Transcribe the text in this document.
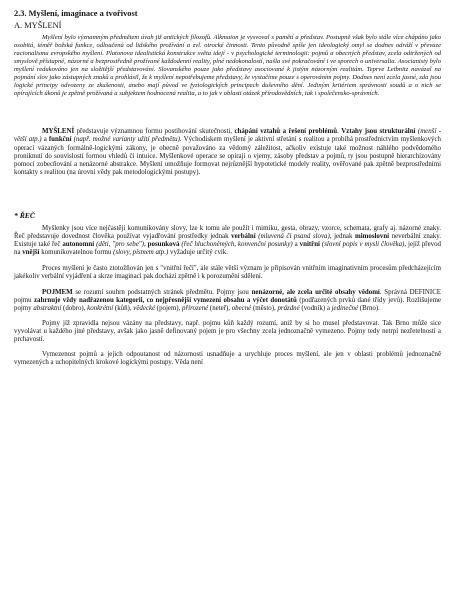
2.3. Myšlení, imaginace a tvořivost
A. MYŠLENÍ

Myšlení bylo významným předmětem úvah již antických filozofů. Alkmaion je vysvoval s pamětí a představ. Postupně však bylo stále více chápáno jako osobitá, téměř božská funkce, odloučená od lidského prožívání a zvl. otrocké činnosti. Tento původně spíše jen ideologický omyl se dodnes odráží v převaze racionalismu evropského myšlení. Platonova idealistická konstrukce světa idejí - v psychologické terminologii: pojmů a obecných představ, zcela odtržených od smyslově přístupné, názorné a bezprostředně prožívané každodenní reality, plné nedokonalostí, našla své pokračování i ve sporech o universalia. Asocianisty bylo myšlení redukováno jen na složitější představování. Slovanského pouze jako představy asociované k jistým názorným realitám. Teprve Leibnitz navázal na pojmání slov jako zástupných znaků a prohlásil, že k myšlení nepotřebujeme představy, že vystačíme pouze s operováním pojmy. Dodnes není zcela jasné, zda jsou logické principy odvozeny ze zkušenosti, anebo mají původ ve fyziologických principech duševního dění. Jediným kritériem správnosti soudů a o nich se opírajících úkonů je zpětně prožívaná a subjektem hodnocená realita, a to jak v oblasti otázek přírodovědních, tak i společensko-správních.

MYŠLENÍ představuje významnou formu postihování skutečnosti, chápání vztahů a řešení problémů. Vztahy jsou strukturální (menší - větší atp.) a funkční (např. možné varianty užití předmětu). Východiskem myšlení je aktivní střetání s realitou a probíhá prostřednictvím myšlenkových operací vázaných formálně-logickými zákony, je obecně považováno za vědomý záležitost, ačkoliv existuje také možnost náhlého podvědomého proniknutí do souvislostí formou vhledů či intuice. Myšlenkové operace se opírají o vjemy, zásoby představ a pojmů, ty jsou postupně hierarchizovány pomocí zobecňování a nenázorné abstrakce. Myšlení umožňuje formovat nejrůznější hypotetické modely reality, ověřované pak zpětně bezprostředními kontakty s realitou (na úrovni vědy pak metodologickými postupy).

* ŘEČ

Myšlenky jsou více nejčastěji komunikovány slovy, lze k tomu ale použít i mimiku, gesta, obrazy, vzorce, schemata, grafy aj. názorné znaky. Řeč představuje dovednost člověka používat vyjadřování prostředky jednak verbální (mluvená či psaná slova), jednak mimoslovní neverbální znaky. Existuje také řeč autonomní (děti, "pro sebe"), posunková (řeč hluchoněmých, konvenční posunky) a vnitřní (slovní popis v mysli člověka), jejíž převod na vnější komunikovatelnou formu (slovy, písmem atp.) vyžaduje určitý cvik.

Proces myšlení je často ztotožňován jen s "vnitřní řečí", ale stále větší význam je připisován vnitřním imaginativním procesům předcházejícím jakékoliv verbální vyjádření a skrze imaginaci pak dochází zpětně i k porozumění sdělení.

POJMEM se rozumí souhrn podstatných stránek předmětu. Pojmy jsou nenázorné, ale zcela určité obsahy vědomí. Správná DEFINICE pojmu zahrnuje vždy nadřazenou kategorii, co nejpřesnější vymezení obsahu a výčet donotátů (podřazených prvků dané třídy jevů). Rozlišujeme pojmy abstraktní (dobro), konkrétní (kůň), vědecké (pojem), přirozené (neteř), obecné (město), prázdné (vodník) a jedinečné (Brno).

Pojmy jíž zpravidla nejsou vázány na představy, např. pojmu kůň každý rozumí, aniž by si ho musel představovat. Tak Brno může sice vyvolávat u každého jiné představy, avšak jako jasně definovaný pojem je pro všechny zcela jednoznačně vymezeno. Pojmy tedy netrpí nezřetelností a prchavostí.

Vymezenost pojmů a jejich odpoutanost od názornosti usnadňuje a urychluje proces myšlení, ale jen v oblasti problémů jednoznačně vymezených a uchopitelných krokové logickými postupy. Věda není
